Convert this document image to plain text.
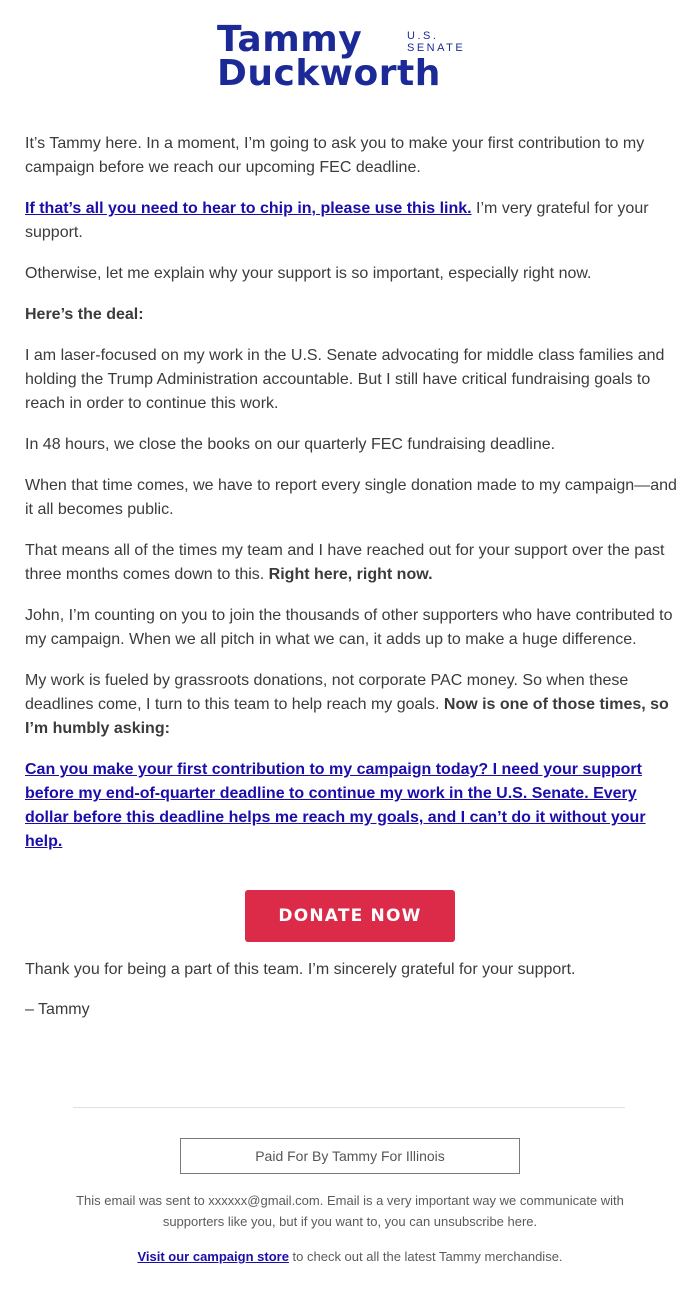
Tammy
Duckworth
U.S.
SENATE

It’s Tammy here. In a moment, I’m going to ask you to make your first contribution to my campaign before we reach our upcoming FEC deadline.

If that’s all you need to hear to chip in, please use this link. I’m very grateful for your support.

Otherwise, let me explain why your support is so important, especially right now.

Here’s the deal:

I am laser-focused on my work in the U.S. Senate advocating for middle class families and holding the Trump Administration accountable. But I still have critical fundraising goals to reach in order to continue this work.

In 48 hours, we close the books on our quarterly FEC fundraising deadline.

When that time comes, we have to report every single donation made to my campaign—and it all becomes public.

That means all of the times my team and I have reached out for your support over the past three months comes down to this. Right here, right now.

John, I’m counting on you to join the thousands of other supporters who have contributed to my campaign. When we all pitch in what we can, it adds up to make a huge difference.

My work is fueled by grassroots donations, not corporate PAC money. So when these deadlines come, I turn to this team to help reach my goals. Now is one of those times, so I’m humbly asking:

Can you make your first contribution to my campaign today? I need your support before my end-of-quarter deadline to continue my work in the U.S. Senate. Every dollar before this deadline helps me reach my goals, and I can’t do it without your help.

DONATE NOW

Thank you for being a part of this team. I’m sincerely grateful for your support.

– Tammy

Paid For By Tammy For Illinois

This email was sent to xxxxxx@gmail.com. Email is a very important way we communicate with supporters like you, but if you want to, you can unsubscribe here.

Visit our campaign store to check out all the latest Tammy merchandise.
